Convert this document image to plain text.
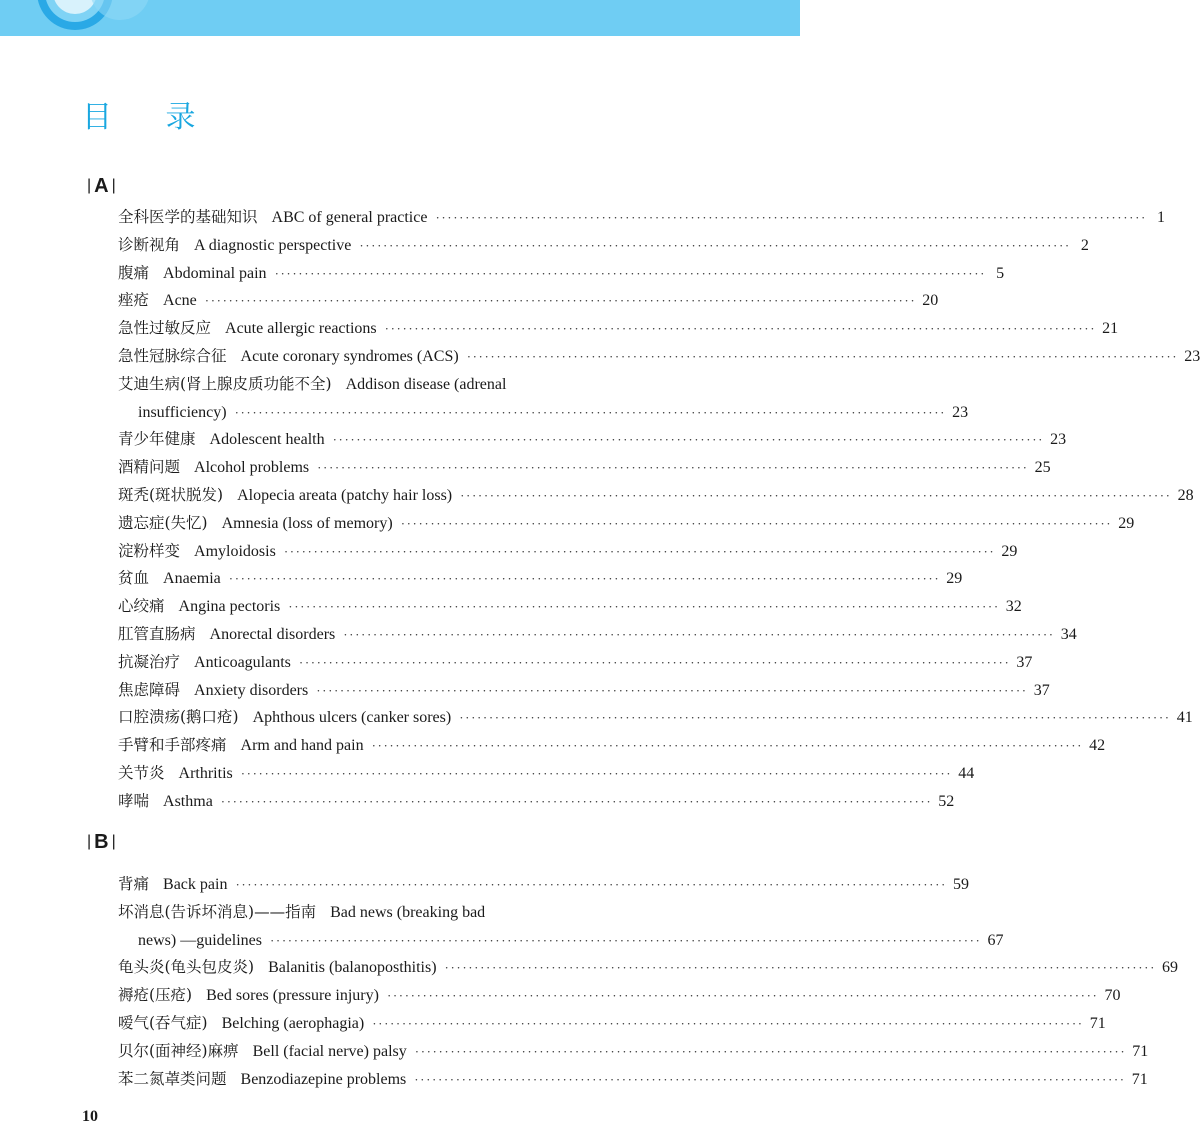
目 录
| A |
全科医学的基础知识 ABC of general practice ························································································································ 1
诊断视角 A diagnostic perspective ························································································································ 2
腹痛 Abdominal pain ························································································································ 5
痤疮 Acne ························································································································ 20
急性过敏反应 Acute allergic reactions ························································································································ 21
急性冠脉综合征 Acute coronary syndromes (ACS) ························································································································ 23
艾迪生病(肾上腺皮质功能不全) Addison disease (adrenal
insufficiency) ························································································································ 23
青少年健康 Adolescent health ························································································································ 23
酒精问题 Alcohol problems ························································································································ 25
斑秃(斑状脱发) Alopecia areata (patchy hair loss) ························································································································ 28
遗忘症(失忆) Amnesia (loss of memory) ························································································································ 29
淀粉样变 Amyloidosis ························································································································ 29
贫血 Anaemia ························································································································ 29
心绞痛 Angina pectoris ························································································································ 32
肛管直肠病 Anorectal disorders ························································································································ 34
抗凝治疗 Anticoagulants ························································································································ 37
焦虑障碍 Anxiety disorders ························································································································ 37
口腔溃疡(鹅口疮) Aphthous ulcers (canker sores) ························································································································ 41
手臂和手部疼痛 Arm and hand pain ························································································································ 42
关节炎 Arthritis ························································································································ 44
哮喘 Asthma ························································································································ 52
| B |
背痛 Back pain ························································································································ 59
坏消息(告诉坏消息)——指南 Bad news (breaking bad
news) —guidelines ························································································································ 67
龟头炎(龟头包皮炎) Balanitis (balanoposthitis) ························································································································ 69
褥疮(压疮) Bed sores (pressure injury) ························································································································ 70
嗳气(吞气症) Belching (aerophagia) ························································································································ 71
贝尔(面神经)麻痹 Bell (facial nerve) palsy ························································································································ 71
苯二氮䓬类问题 Benzodiazepine problems ························································································································ 71
10
